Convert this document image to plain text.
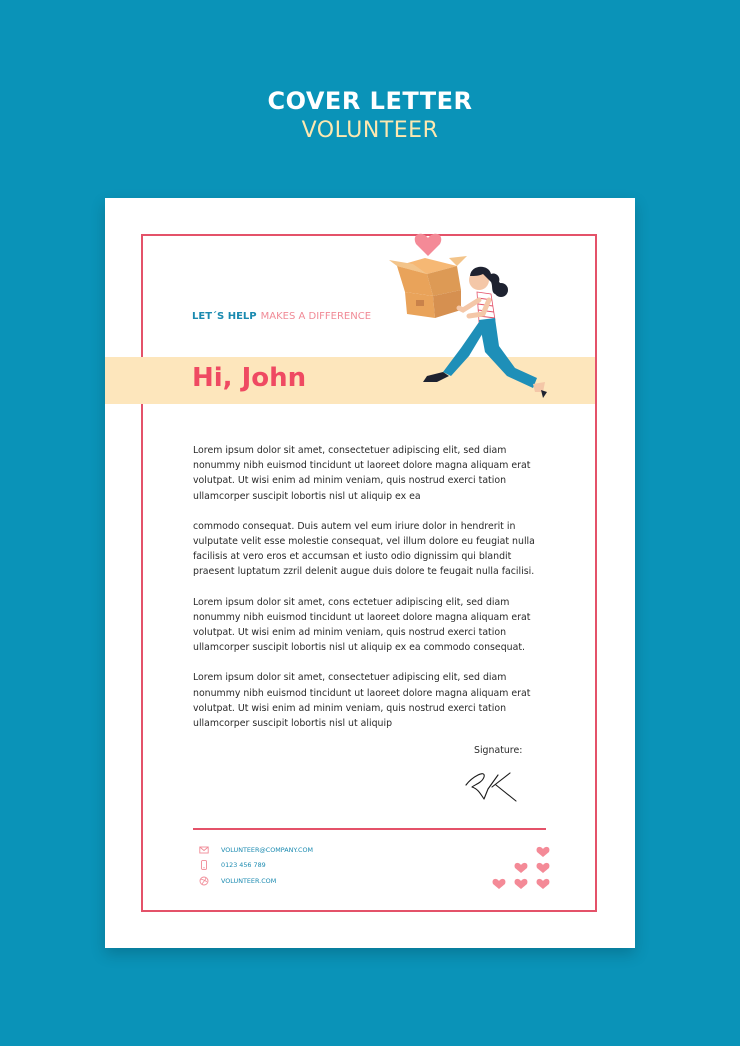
COVER LETTER
VOLUNTEER
LET´S HELP MAKES A DIFFERENCE
Hi, John

Lorem ipsum dolor sit amet, consectetuer adipiscing elit, sed diam nonummy nibh euismod tincidunt ut laoreet dolore magna aliquam erat volutpat. Ut wisi enim ad minim veniam, quis nostrud exerci tation ullamcorper suscipit lobortis nisl ut aliquip ex ea

commodo consequat. Duis autem vel eum iriure dolor in hendrerit in vulputate velit esse molestie consequat, vel illum dolore eu feugiat nulla facilisis at vero eros et accumsan et iusto odio dignissim qui blandit praesent luptatum zzril delenit augue duis dolore te feugait nulla facilisi.

Lorem ipsum dolor sit amet, cons ectetuer adipiscing elit, sed diam nonummy nibh euismod tincidunt ut laoreet dolore magna aliquam erat volutpat. Ut wisi enim ad minim veniam, quis nostrud exerci tation ullamcorper suscipit lobortis nisl ut aliquip ex ea commodo consequat.

Lorem ipsum dolor sit amet, consectetuer adipiscing elit, sed diam nonummy nibh euismod tincidunt ut laoreet dolore magna aliquam erat volutpat. Ut wisi enim ad minim veniam, quis nostrud exerci tation ullamcorper suscipit lobortis nisl ut aliquip

Signature:
VOLUNTEER@COMPANY.COM
0123 456 789
VOLUNTEER.COM
